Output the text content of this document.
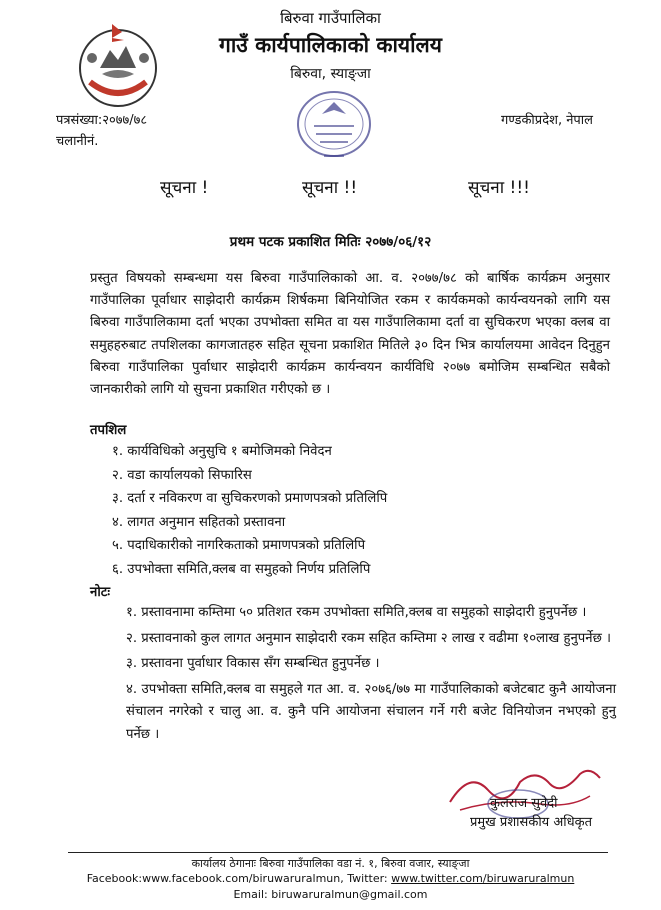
बिरुवा गाउँपालिका
गाउँ कार्यपालिकाको कार्यालय
बिरुवा, स्याङ्जा
पत्रसंख्या:२०७७/७८
चलानीनं.
गण्डकीप्रदेश, नेपाल
सूचना !	सूचना !!	सूचना !!!
प्रथम पटक प्रकाशित मितिः २०७७/०६/१२
प्रस्तुत विषयको सम्बन्धमा यस बिरुवा गाउँपालिकाको आ. व. २०७७/७८ को बार्षिक कार्यक्रम अनुसार गाउँपालिका पूर्वाधार साझेदारी कार्यक्रम शिर्षकमा बिनियोजित रकम र कार्यकमको कार्यन्वयनको लागि यस बिरुवा गाउँपालिकामा दर्ता भएका उपभोक्ता समित वा यस गाउँपालिकामा दर्ता वा सुचिकरण भएका क्लब वा समुहहरुबाट तपशिलका कागजातहरु सहित सूचना प्रकाशित मितिले ३० दिन भित्र कार्यालयमा आवेदन दिनुहुन बिरुवा गाउँपालिका पुर्वाधार साझेदारी कार्यक्रम कार्यन्वयन कार्यविधि २०७७ बमोजिम सम्बन्धित सबैको जानकारीको लागि यो सुचना प्रकाशित गरीएको छ ।
तपशिल
१. कार्यविधिको अनुसुचि १ बमोजिमको निवेदन
२. वडा कार्यालयको सिफारिस
३. दर्ता र नविकरण वा सुचिकरणको प्रमाणपत्रको प्रतिलिपि
४. लागत अनुमान सहितको प्रस्तावना
५. पदाधिकारीको नागरिकताको प्रमाणपत्रको प्रतिलिपि
६. उपभोक्ता समिति,क्लब वा समुहको निर्णय प्रतिलिपि
नोटः
१. प्रस्तावनामा कम्तिमा ५० प्रतिशत रकम उपभोक्ता समिति,क्लब वा समुहको साझेदारी हुनुपर्नेछ ।
२. प्रस्तावनाको कुल लागत अनुमान साझेदारी रकम सहित कम्तिमा २ लाख र वढीमा १०लाख हुनुपर्नेछ ।
३. प्रस्तावना पुर्वाधार विकास सँग सम्बन्धित हुनुपर्नेछ ।
४. उपभोक्ता समिति,क्लब वा समुहले गत आ. व. २०७६/७७ मा गाउँपालिकाको बजेटबाट कुनै आयोजना संचालन नगरेको र चालु आ. व. कुनै पनि आयोजना संचालन गर्ने गरी बजेट विनियोजन नभएको हुनु पर्नेछ ।
कुलराज सुवेदी
प्रमुख प्रशासकीय अधिकृत
कार्यालय ठेगानाः बिरुवा गाउँपालिका वडा नं. १, बिरुवा वजार, स्याङ्जा
Facebook:www.facebook.com/biruwaruralmun, Twitter: www.twitter.com/biruwaruralmun
Email: biruwaruralmun@gmail.com
